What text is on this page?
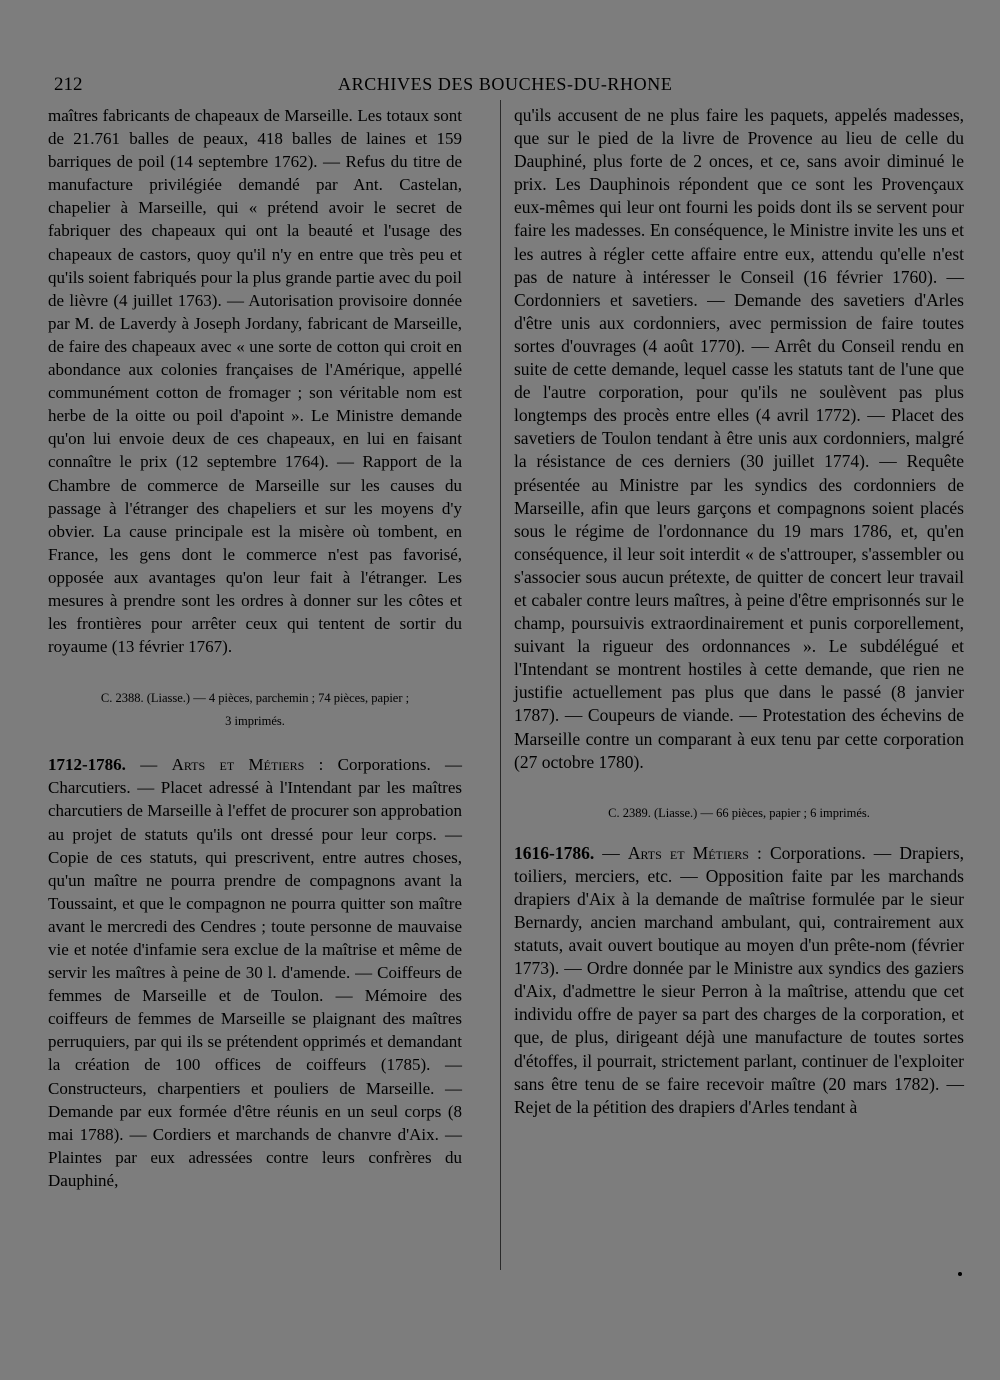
212	ARCHIVES DES BOUCHES-DU-RHONE

maîtres fabricants de chapeaux de Marseille. Les totaux sont de 21.761 balles de peaux, 418 balles de laines et 159 barriques de poil (14 septembre 1762). — Refus du titre de manufacture privilégiée demandé par Ant. Castelan, chapelier à Marseille, qui « prétend avoir le secret de fabriquer des chapeaux qui ont la beauté et l'usage des chapeaux de castors, quoy qu'il n'y en entre que très peu et qu'ils soient fabriqués pour la plus grande partie avec du poil de lièvre (4 juillet 1763). — Autorisation provisoire donnée par M. de Laverdy à Joseph Jordany, fabricant de Marseille, de faire des chapeaux avec « une sorte de cotton qui croit en abondance aux colonies françaises de l'Amérique, appellé communément cotton de fromager ; son véritable nom est herbe de la oitte ou poil d'apoint ». Le Ministre demande qu'on lui envoie deux de ces chapeaux, en lui en faisant connaître le prix (12 septembre 1764). — Rapport de la Chambre de commerce de Marseille sur les causes du passage à l'étranger des chapeliers et sur les moyens d'y obvier. La cause principale est la misère où tombent, en France, les gens dont le commerce n'est pas favorisé, opposée aux avantages qu'on leur fait à l'étranger. Les mesures à prendre sont les ordres à donner sur les côtes et les frontières pour arrêter ceux qui tentent de sortir du royaume (13 février 1767).

C. 2388. (Liasse.) — 4 pièces, parchemin ; 74 pièces, papier ;
3 imprimés.

1712-1786. — Arts et Métiers : Corporations. — Charcutiers. — Placet adressé à l'Intendant par les maîtres charcutiers de Marseille à l'effet de procurer son approbation au projet de statuts qu'ils ont dressé pour leur corps. — Copie de ces statuts, qui prescrivent, entre autres choses, qu'un maître ne pourra prendre de compagnons avant la Toussaint, et que le compagnon ne pourra quitter son maître avant le mercredi des Cendres ; toute personne de mauvaise vie et notée d'infamie sera exclue de la maîtrise et même de servir les maîtres à peine de 30 l. d'amende. — Coiffeurs de femmes de Marseille et de Toulon. — Mémoire des coiffeurs de femmes de Marseille se plaignant des maîtres perruquiers, par qui ils se prétendent opprimés et demandant la création de 100 offices de coiffeurs (1785). — Constructeurs, charpentiers et pouliers de Marseille. — Demande par eux formée d'être réunis en un seul corps (8 mai 1788). — Cordiers et marchands de chanvre d'Aix. — Plaintes par eux adressées contre leurs confrères du Dauphiné,

qu'ils accusent de ne plus faire les paquets, appelés madesses, que sur le pied de la livre de Provence au lieu de celle du Dauphiné, plus forte de 2 onces, et ce, sans avoir diminué le prix. Les Dauphinois répondent que ce sont les Provençaux eux-mêmes qui leur ont fourni les poids dont ils se servent pour faire les madesses. En conséquence, le Ministre invite les uns et les autres à régler cette affaire entre eux, attendu qu'elle n'est pas de nature à intéresser le Conseil (16 février 1760). — Cordonniers et savetiers. — Demande des savetiers d'Arles d'être unis aux cordonniers, avec permission de faire toutes sortes d'ouvrages (4 août 1770). — Arrêt du Conseil rendu en suite de cette demande, lequel casse les statuts tant de l'une que de l'autre corporation, pour qu'ils ne soulèvent pas plus longtemps des procès entre elles (4 avril 1772). — Placet des savetiers de Toulon tendant à être unis aux cordonniers, malgré la résistance de ces derniers (30 juillet 1774). — Requête présentée au Ministre par les syndics des cordonniers de Marseille, afin que leurs garçons et compagnons soient placés sous le régime de l'ordonnance du 19 mars 1786, et, qu'en conséquence, il leur soit interdit « de s'attrouper, s'assembler ou s'associer sous aucun prétexte, de quitter de concert leur travail et cabaler contre leurs maîtres, à peine d'être emprisonnés sur le champ, poursuivis extraordinairement et punis corporellement, suivant la rigueur des ordonnances ». Le subdélégué et l'Intendant se montrent hostiles à cette demande, que rien ne justifie actuellement pas plus que dans le passé (8 janvier 1787). — Coupeurs de viande. — Protestation des échevins de Marseille contre un comparant à eux tenu par cette corporation (27 octobre 1780).

C. 2389. (Liasse.) — 66 pièces, papier ; 6 imprimés.

1616-1786. — Arts et Métiers : Corporations. — Drapiers, toiliers, merciers, etc. — Opposition faite par les marchands drapiers d'Aix à la demande de maîtrise formulée par le sieur Bernardy, ancien marchand ambulant, qui, contrairement aux statuts, avait ouvert boutique au moyen d'un prête-nom (février 1773). — Ordre donnée par le Ministre aux syndics des gaziers d'Aix, d'admettre le sieur Perron à la maîtrise, attendu que cet individu offre de payer sa part des charges de la corporation, et que, de plus, dirigeant déjà une manufacture de toutes sortes d'étoffes, il pourrait, strictement parlant, continuer de l'exploiter sans être tenu de se faire recevoir maître (20 mars 1782). — Rejet de la pétition des drapiers d'Arles tendant à
